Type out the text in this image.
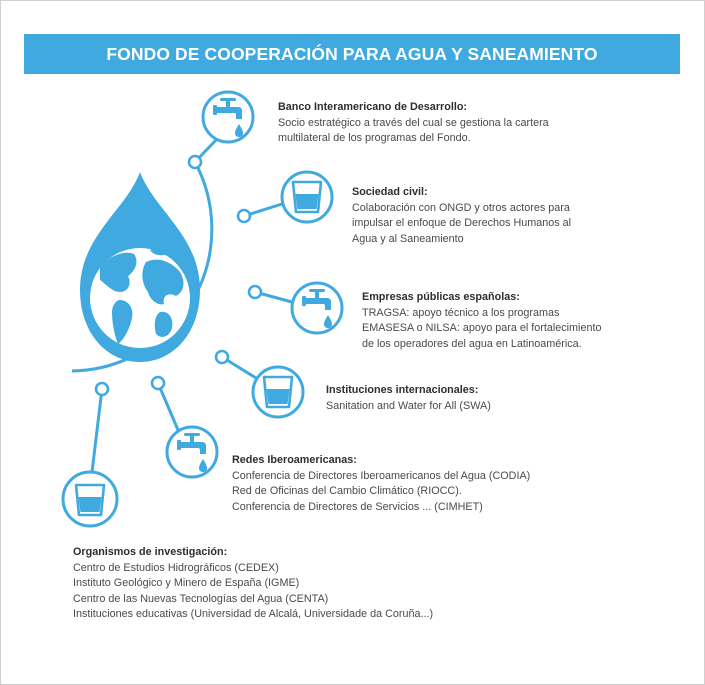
FONDO DE COOPERACIÓN PARA AGUA Y SANEAMIENTO
Banco Interamericano de Desarrollo:
Socio estratégico a través del cual se gestiona la cartera
multilateral de los programas del Fondo.
Sociedad civil:
Colaboración con ONGD y otros actores para
impulsar el enfoque de Derechos Humanos al
Agua y al Saneamiento
Empresas públicas españolas:
TRAGSA: apoyo técnico a los programas
EMASESA o NILSA: apoyo para el fortalecimiento
de los operadores del agua en Latinoamérica.
Instituciones internacionales:
Sanitation and Water for All (SWA)
Redes Iberoamericanas:
Conferencia de Directores Iberoamericanos del Agua (CODIA)
Red de Oficinas del Cambio Climático (RIOCC).
Conferencia de Directores de Servicios ... (CIMHET)
Organismos de investigación:
Centro de Estudios Hidrográficos (CEDEX)
Instituto Geológico y Minero de España (IGME)
Centro de las Nuevas Tecnologías del Agua (CENTA)
Instituciones educativas (Universidad de Alcalá, Universidade da Coruña...)
